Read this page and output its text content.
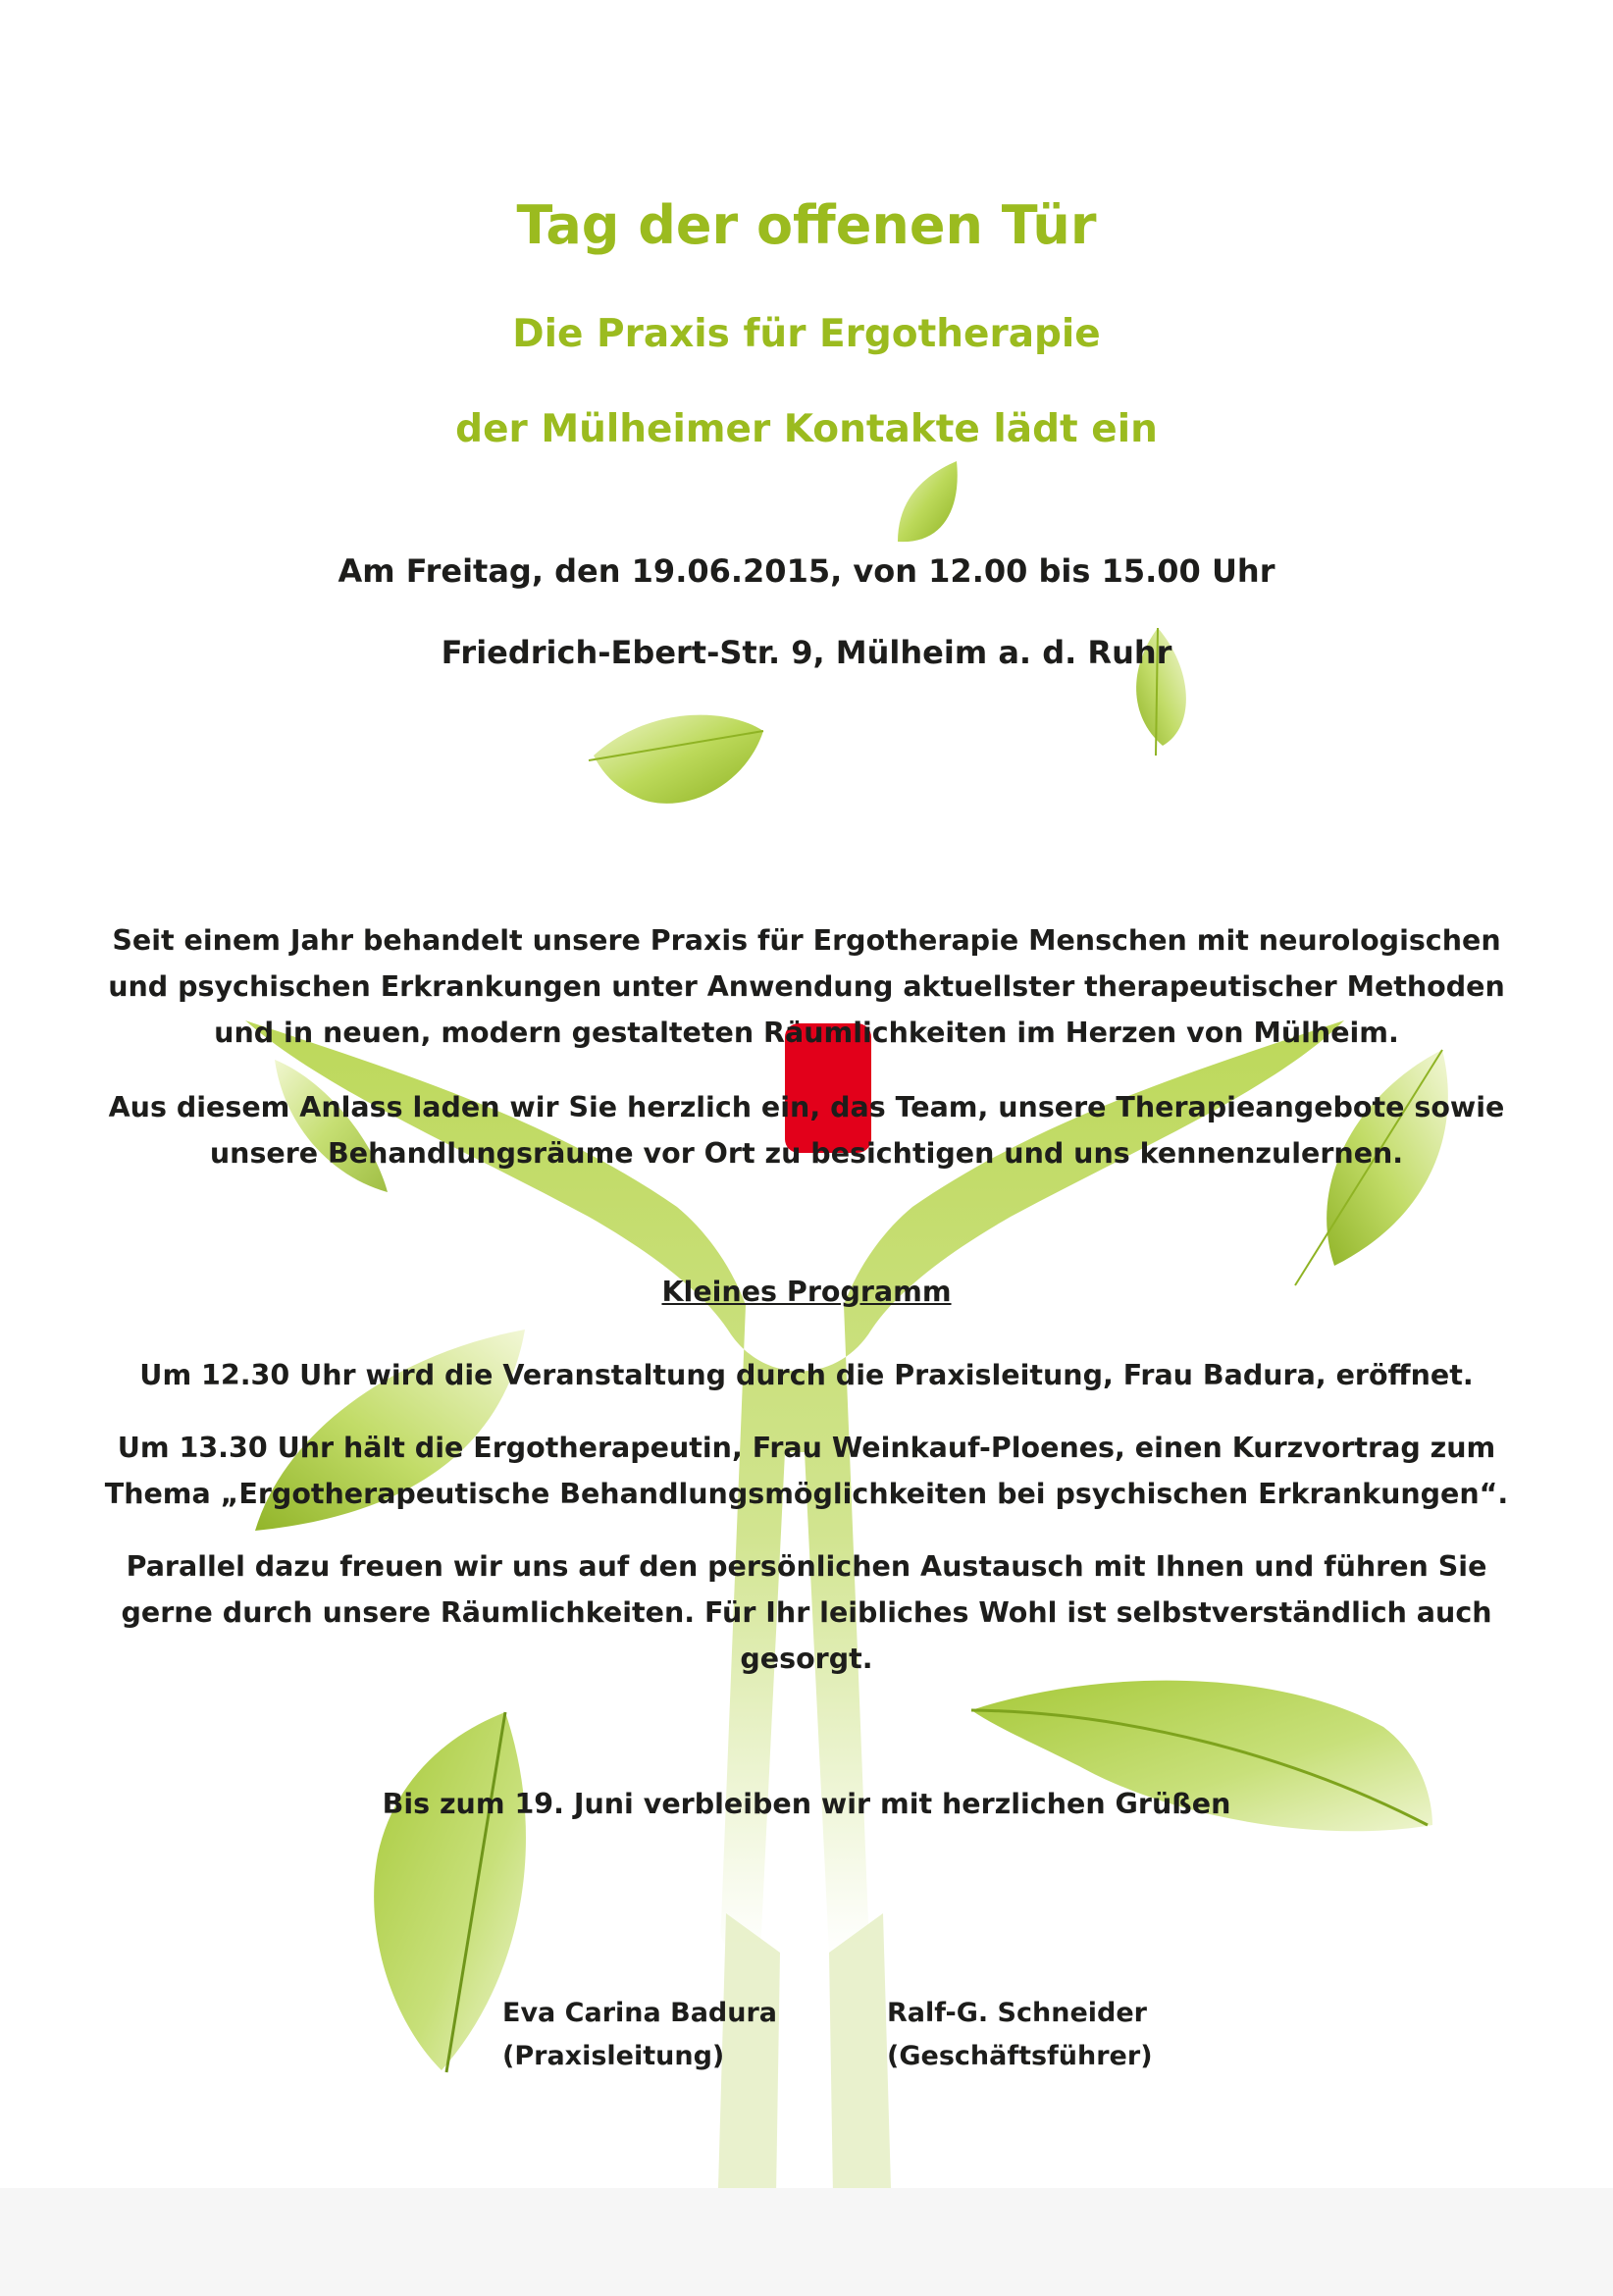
Tag der offenen Tür

Die Praxis für Ergotherapie

der Mülheimer Kontakte lädt ein

Am Freitag, den 19.06.2015, von 12.00 bis 15.00 Uhr

Friedrich-Ebert-Str. 9, Mülheim a. d. Ruhr

Seit einem Jahr behandelt unsere Praxis für Ergotherapie Menschen mit neurologischen

und psychischen Erkrankungen unter Anwendung aktuellster therapeutischer Methoden

und in neuen, modern gestalteten Räumlichkeiten im Herzen von Mülheim.

Aus diesem Anlass laden wir Sie herzlich ein, das Team, unsere Therapieangebote sowie

unsere Behandlungsräume vor Ort zu besichtigen und uns kennenzulernen.

Kleines Programm

Um 12.30 Uhr wird die Veranstaltung durch die Praxisleitung, Frau Badura, eröffnet.

Um 13.30 Uhr hält die Ergotherapeutin, Frau Weinkauf-Ploenes, einen Kurzvortrag zum

Thema „Ergotherapeutische Behandlungsmöglichkeiten bei psychischen Erkrankungen“.

Parallel dazu freuen wir uns auf den persönlichen Austausch mit Ihnen und führen Sie

gerne durch unsere Räumlichkeiten. Für Ihr leibliches Wohl ist selbstverständlich auch

gesorgt.

Bis zum 19. Juni verbleiben wir mit herzlichen Grüßen

Eva Carina Badura
(Praxisleitung)
Ralf-G. Schneider
(Geschäftsführer)
